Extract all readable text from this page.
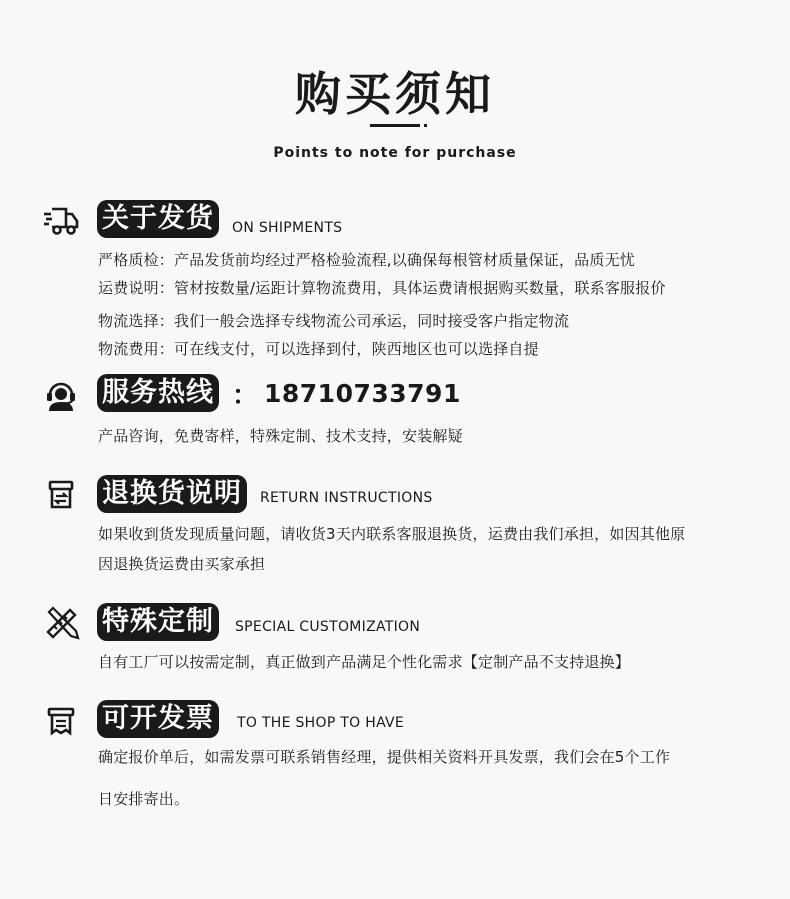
购买须知
Points to note for purchase
关于发货	ON SHIPMENTS
严格质检：产品发货前均经过严格检验流程,以确保每根管材质量保证，品质无忧
运费说明：管材按数量/运距计算物流费用，具体运费请根据购买数量，联系客服报价
物流选择：我们一般会选择专线物流公司承运，同时接受客户指定物流
物流费用：可在线支付，可以选择到付，陕西地区也可以选择自提
服务热线 ： 18710733791
产品咨询，免费寄样，特殊定制、技术支持，安装解疑
退换货说明	RETURN INSTRUCTIONS
如果收到货发现质量问题，请收货3天内联系客服退换货，运费由我们承担，如因其他原
因退换货运费由买家承担
特殊定制	SPECIAL CUSTOMIZATION
自有工厂可以按需定制，真正做到产品满足个性化需求【定制产品不支持退换】
可开发票	TO THE SHOP TO HAVE
确定报价单后，如需发票可联系销售经理，提供相关资料开具发票，我们会在5个工作
日安排寄出。
